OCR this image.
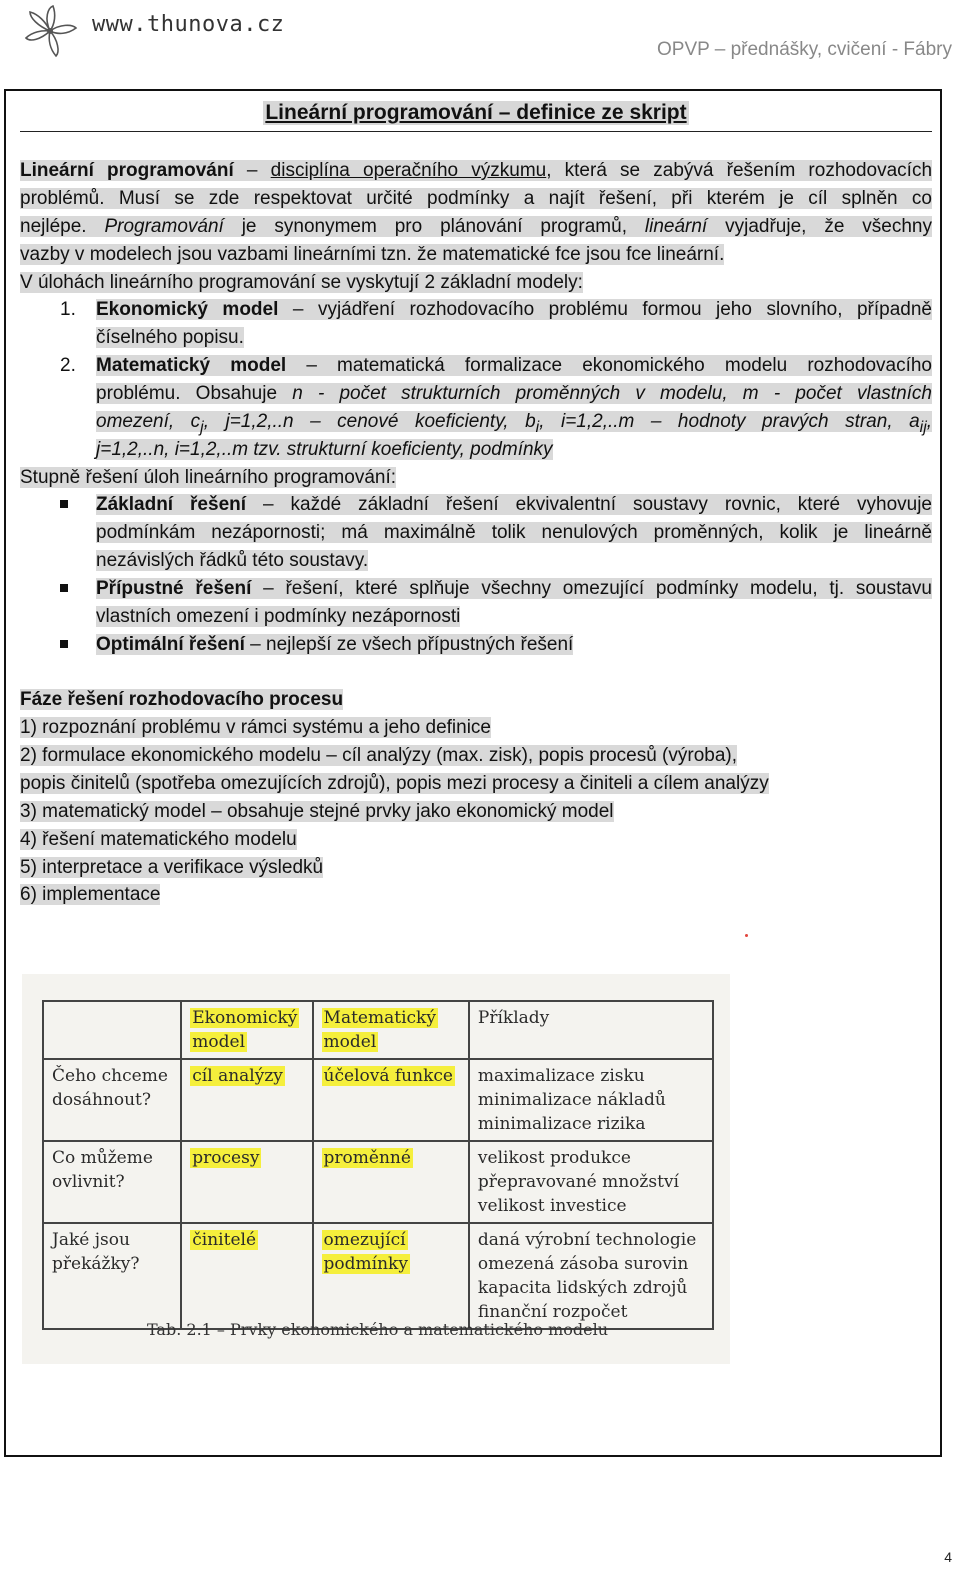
www.thunova.cz
OPVP – přednášky, cvičení - Fábry
Lineární programování – definice ze skript
Lineární programování – disciplína operačního výzkumu, která se zabývá řešením rozhodovacích
problémů. Musí se zde respektovat určité podmínky a najít řešení, při kterém je cíl splněn co
nejlépe. Programování je synonymem pro plánování programů, lineární vyjadřuje, že všechny
vazby v modelech jsou vazbami lineárními tzn. že matematické fce jsou fce lineární.
V úlohách lineárního programování se vyskytují 2 základní modely:
1. Ekonomický model – vyjádření rozhodovacího problému formou jeho slovního, případně
číselného popisu.
2. Matematický model – matematická formalizace ekonomického modelu rozhodovacího
problému. Obsahuje n - počet strukturních proměnných v modelu, m - počet vlastních
omezení, $c_j$, j=1,2,..n – cenové koeficienty, $b_i$, i=1,2,..m – hodnoty pravých stran, $a_{ij}$,
j=1,2,..n, i=1,2,..m tzv. strukturní koeficienty, podmínky
Stupně řešení úloh lineárního programování:
Základní řešení – každé základní řešení ekvivalentní soustavy rovnic, které vyhovuje
podmínkám nezápornosti; má maximálně tolik nenulových proměnných, kolik je lineárně
nezávislých řádků této soustavy.
Přípustné řešení – řešení, které splňuje všechny omezující podmínky modelu, tj. soustavu
vlastních omezení i podmínky nezápornosti
Optimální řešení – nejlepší ze všech přípustných řešení
Fáze řešení rozhodovacího procesu
1) rozpoznání problému v rámci systému a jeho definice
2) formulace ekonomického modelu – cíl analýzy (max. zisk), popis procesů (výroba),
popis činitelů (spotřeba omezujících zdrojů), popis mezi procesy a činiteli a cílem analýzy
3) matematický model – obsahuje stejné prvky jako ekonomický model
4) řešení matematického modelu
5) interpretace a verifikace výsledků
6) implementace
	Ekonomický
model	Matematický
model	Příklady
Čeho chceme
dosáhnout?	cíl analýzy	účelová funkce	maximalizace zisku
minimalizace nákladů
minimalizace rizika
Co můžeme
ovlivnit?	procesy	proměnné	velikost produkce
přepravované množství
velikost investice
Jaké jsou
překážky?	činitelé	omezující
podmínky	daná výrobní technologie
omezená zásoba surovin
kapacita lidských zdrojů
finanční rozpočet
Tab. 2.1 – Prvky ekonomického a matematického modelu
4
